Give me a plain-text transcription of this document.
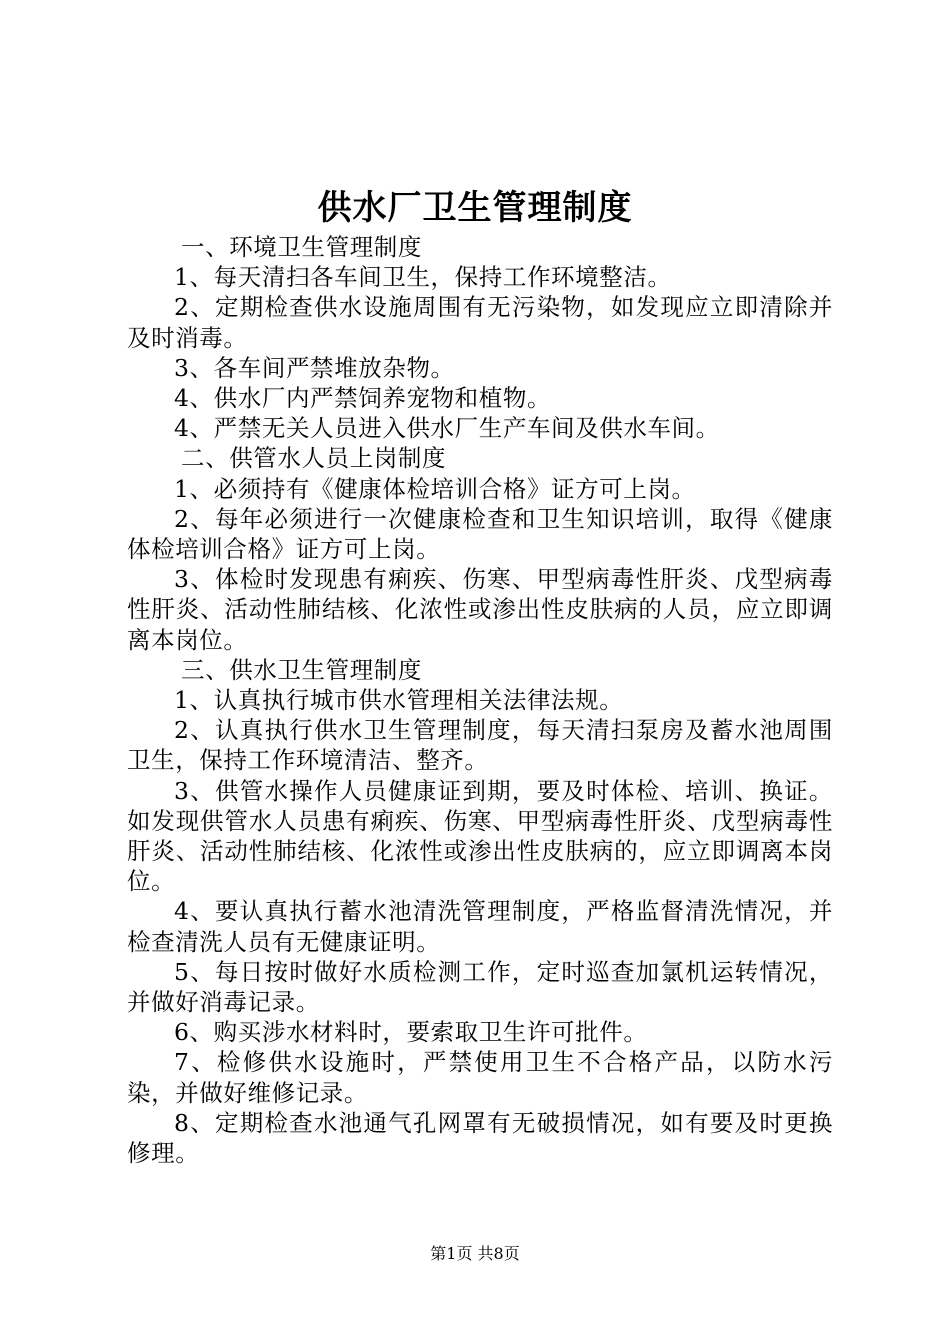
供水厂卫生管理制度

一、环境卫生管理制度

1、每天清扫各车间卫生，保持工作环境整洁。

2、定期检查供水设施周围有无污染物，如发现应立即清除并及时消毒。

3、各车间严禁堆放杂物。

4、供水厂内严禁饲养宠物和植物。

4、严禁无关人员进入供水厂生产车间及供水车间。

二、供管水人员上岗制度

1、必须持有《健康体检培训合格》证方可上岗。

2、每年必须进行一次健康检查和卫生知识培训，取得《健康体检培训合格》证方可上岗。

3、体检时发现患有痢疾、伤寒、甲型病毒性肝炎、戊型病毒性肝炎、活动性肺结核、化浓性或渗出性皮肤病的人员，应立即调离本岗位。

三、供水卫生管理制度

1、认真执行城市供水管理相关法律法规。

2、认真执行供水卫生管理制度，每天清扫泵房及蓄水池周围卫生，保持工作环境清洁、整齐。

3、供管水操作人员健康证到期，要及时体检、培训、换证。如发现供管水人员患有痢疾、伤寒、甲型病毒性肝炎、戊型病毒性肝炎、活动性肺结核、化浓性或渗出性皮肤病的，应立即调离本岗位。

4、要认真执行蓄水池清洗管理制度，严格监督清洗情况，并检查清洗人员有无健康证明。

5、每日按时做好水质检测工作，定时巡查加氯机运转情况，并做好消毒记录。

6、购买涉水材料时，要索取卫生许可批件。

7、检修供水设施时，严禁使用卫生不合格产品，以防水污染，并做好维修记录。

8、定期检查水池通气孔网罩有无破损情况，如有要及时更换修理。

第1页 共8页
